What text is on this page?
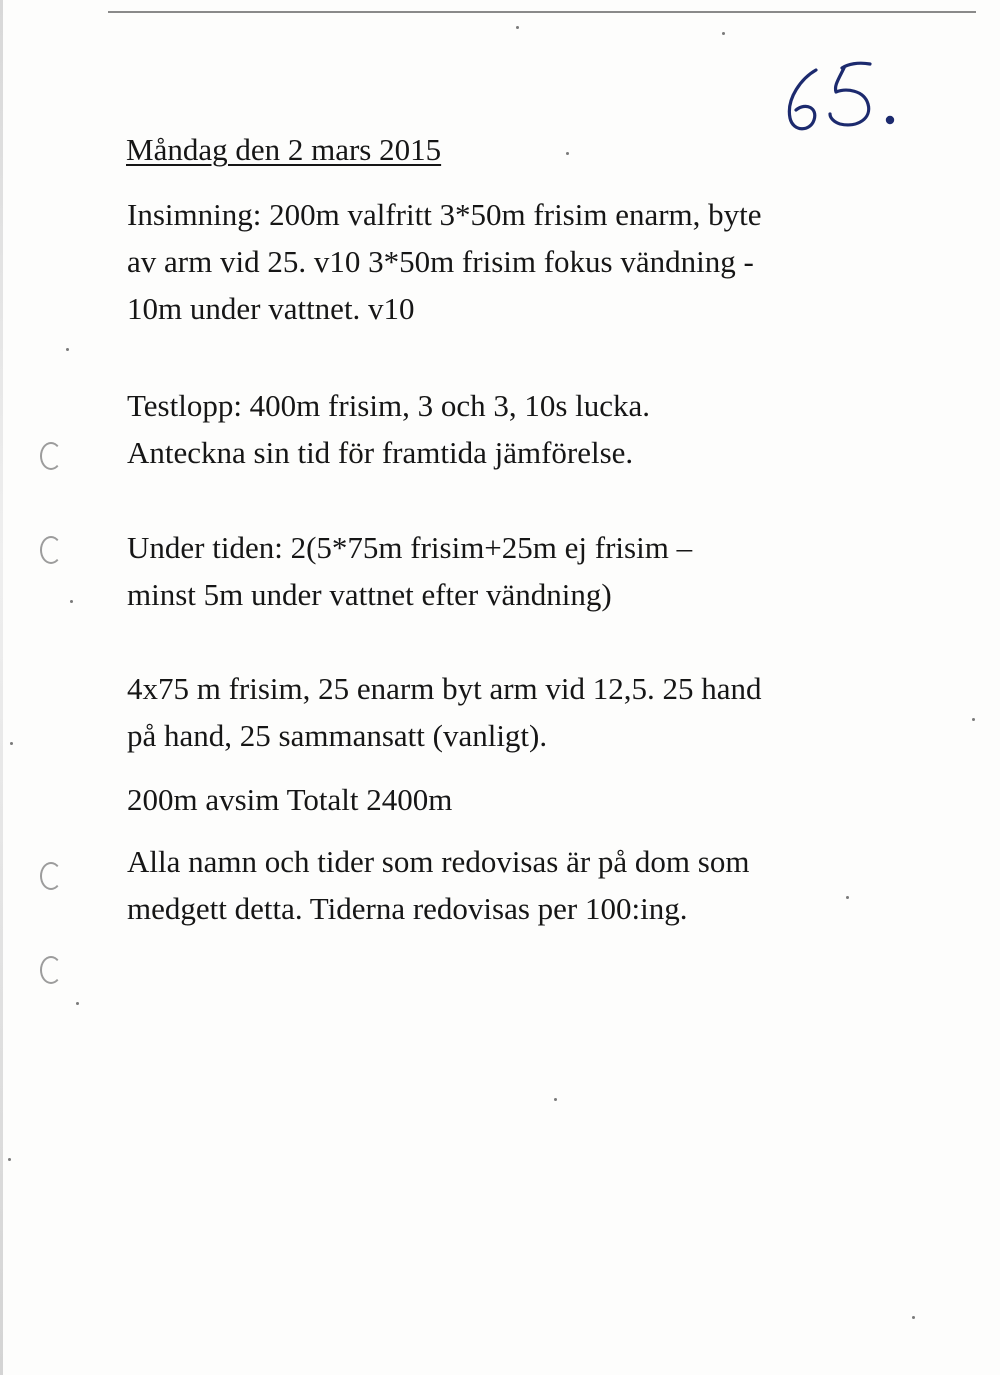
Måndag den 2 mars 2015

Insimning: 200m valfritt 3*50m frisim enarm, byte
av arm vid 25. v10 3*50m frisim fokus vändning -
10m under vattnet. v10

Testlopp: 400m frisim, 3 och 3, 10s lucka.
Anteckna sin tid för framtida jämförelse.

Under tiden: 2(5*75m frisim+25m ej frisim –
minst 5m under vattnet efter vändning)

4x75 m frisim, 25 enarm byt arm vid 12,5. 25 hand
på hand, 25 sammansatt (vanligt).

200m avsim Totalt 2400m

Alla namn och tider som redovisas är på dom som
medgett detta. Tiderna redovisas per 100:ing.
